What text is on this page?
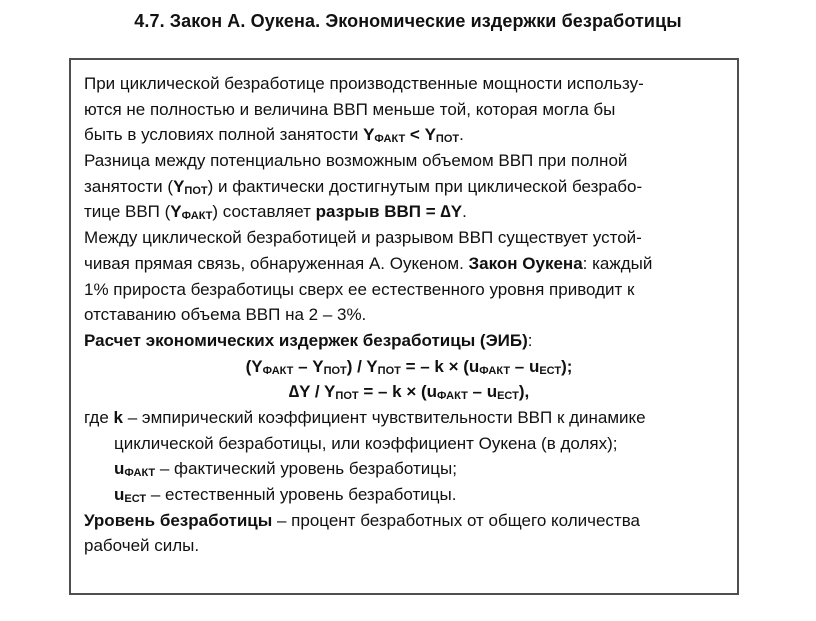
4.7. Закон А. Оукена. Экономические издержки безработицы
При циклической безработице производственные мощности использу-
ются не полностью и величина ВВП меньше той, которая могла бы
быть в условиях полной занятости YФАКТ < YПОТ.
Разница между потенциально возможным объемом ВВП при полной
занятости (YПОТ) и фактически достигнутым при циклической безрабо-
тице ВВП (YФАКТ) составляет разрыв ВВП = ∆Y.
Между циклической безработицей и разрывом ВВП существует устой-
чивая прямая связь, обнаруженная А. Оукеном. Закон Оукена: каждый
1% прироста безработицы сверх ее естественного уровня приводит к
отставанию объема ВВП на 2 – 3%.
Расчет экономических издержек безработицы (ЭИБ):
(YФАКТ – YПОТ) / YПОТ = – k × (uФАКТ – uЕСТ);
∆Y / YПОТ = – k × (uФАКТ – uЕСТ),
где k – эмпирический коэффициент чувствительности ВВП к динамике
циклической безработицы, или коэффициент Оукена (в долях);
uФАКТ – фактический уровень безработицы;
uЕСТ – естественный уровень безработицы.
Уровень безработицы – процент безработных от общего количества
рабочей силы.
